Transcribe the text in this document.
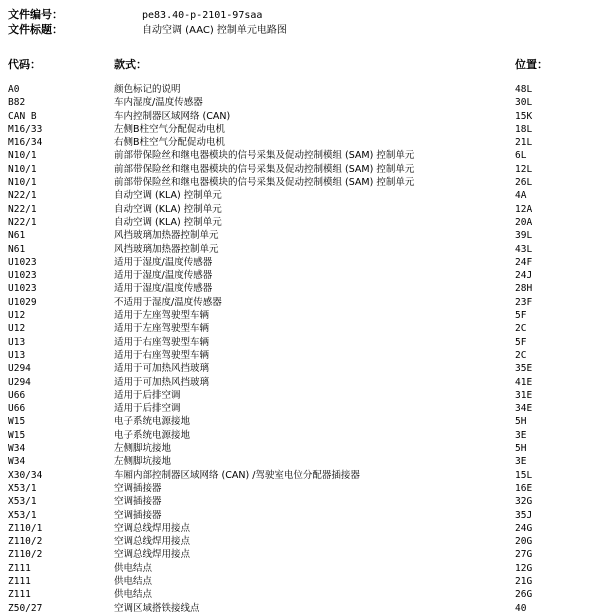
文件编号：	pe83.40-p-2101-97saa
文件标题：	自动空调 (AAC) 控制单元电路图
代码：	款式：	位置：
A0	颜色标记的说明	48L
B82	车内湿度/温度传感器	30L
CAN B	车内控制器区域网络 (CAN)	15K
M16/33	左侧B柱空气分配促动电机	18L
M16/34	右侧B柱空气分配促动电机	21L
N10/1	前部带保险丝和继电器模块的信号采集及促动控制模组 (SAM) 控制单元	6L
N10/1	前部带保险丝和继电器模块的信号采集及促动控制模组 (SAM) 控制单元	12L
N10/1	前部带保险丝和继电器模块的信号采集及促动控制模组 (SAM) 控制单元	26L
N22/1	自动空调 (KLA) 控制单元	4A
N22/1	自动空调 (KLA) 控制单元	12A
N22/1	自动空调 (KLA) 控制单元	20A
N61	风挡玻璃加热器控制单元	39L
N61	风挡玻璃加热器控制单元	43L
U1023	适用于湿度/温度传感器	24F
U1023	适用于湿度/温度传感器	24J
U1023	适用于湿度/温度传感器	28H
U1029	不适用于湿度/温度传感器	23F
U12	适用于左座驾驶型车辆	5F
U12	适用于左座驾驶型车辆	2C
U13	适用于右座驾驶型车辆	5F
U13	适用于右座驾驶型车辆	2C
U294	适用于可加热风挡玻璃	35E
U294	适用于可加热风挡玻璃	41E
U66	适用于后排空调	31E
U66	适用于后排空调	34E
W15	电子系统电源接地	5H
W15	电子系统电源接地	3E
W34	左侧脚坑接地	5H
W34	左侧脚坑接地	3E
X30/34	车厢内部控制器区域网络 (CAN) /驾驶室电位分配器插接器	15L
X53/1	空调插接器	16E
X53/1	空调插接器	32G
X53/1	空调插接器	35J
Z110/1	空调总线焊用接点	24G
Z110/2	空调总线焊用接点	20G
Z110/2	空调总线焊用接点	27G
Z111	供电结点	12G
Z111	供电结点	21G
Z111	供电结点	26G
Z50/27	空调区域搭铁接线点	40
